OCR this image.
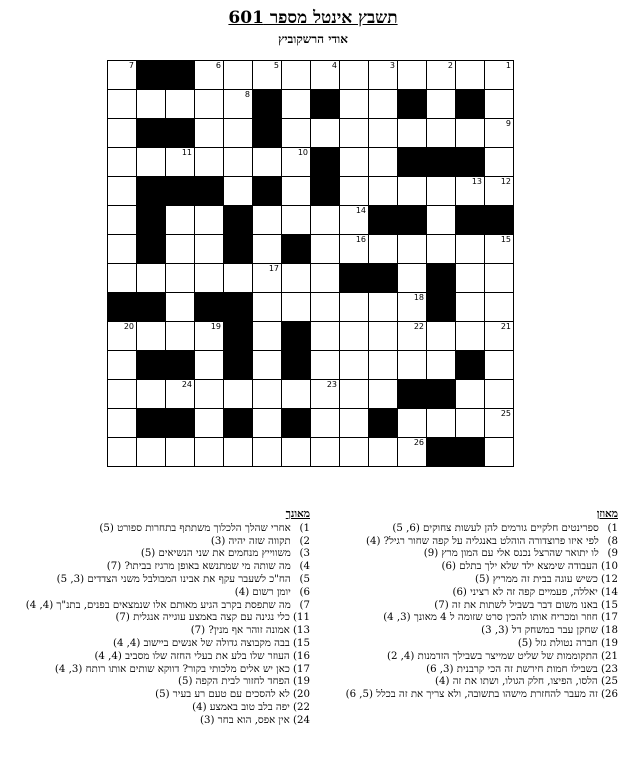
תשבץ אינטל מספר 601
אודי הרשקוביץ
7			6		5		4		3		2		1

				8									

													9

		11				10							

												13	12

								14					

								16					15

					17								

										18			

20			19							22			21

		24					23						

													25

										26			

מאוזן
1) ספרינטים חלקיים גורמים להן לעשות צחוקים (6, 5)
8) לפי איזו פרוצדורה הוהלט באנגליה על קפה שחור רגיל? (4)
9) לו יתואר שהרצל נכנס אלי עם המון מרץ (9)
10) העבודה שימצא ילד שלא ילך בתלם (6)
12) כשיש עוגה בבית זה ממריץ (5)
14) יאללה, פעמיים קפה זה לא רציני (6)
15) באנו משום דבר בשביל לשתות את זה (7)
17) חוזר ומכריח אותו להכין סרט שזומה ל 4 מאונך (3, 4)
18) שחקן עבר במשחק דל (3, 3)
19) חברה נטולת גזל (5)
21) התקוממות של שליט שמייצר בשבילך הזדמנות (4, 2)
23) בשבילו חמות חירשת זה הכי קרבנית (3, 6)
25) הלסו, הפיצו, חלק הגולו, ושתו את זה (4)
26) זה מעבר להחזרת מישהו בתשובה, ולא צריך את זה בכלל (5, 6)
מאונך
1) אחרי שהלך הלכלוך משתתף בתחרות ספורט (5)
2) תקווה שזה יהיה (3)
3) משווייץ מנחמים את שני הנשיאים (5)
4) מה שותה מי שמתנשא באופן מרגיז בביתו? (7)
5) הח"כ לשעבר עקף את אבינו המבולבל משני הצדדים (3, 5)
6) יומן רשום (4)
7) מה שתפסת בקרב הגיע מאותם אלו שנמצאים בפנים, בתנ"ך (4, 4)
11) כלי נגינה עם קצה באמצע עוגייה אנגלית (7)
13) אמונה זוהר אף מנין? (7)
15) בבה מקבוצה גדולה של אנשים ביישוב (4, 4)
16) העוזר שלו בלע את בעלי החזה שלו מסביב (4, 4)
17) כאן יש אלים מלכותי בקור? דווקא שותים אותו רותח (3, 4)
19) הפחד לחזור לבית הקפה (5)
20) לא להסכים עם טעם רע בעיר (5)
22) יפה בלב טוב באמצע (4)
24) אין אפס, הוא בחר (3)
